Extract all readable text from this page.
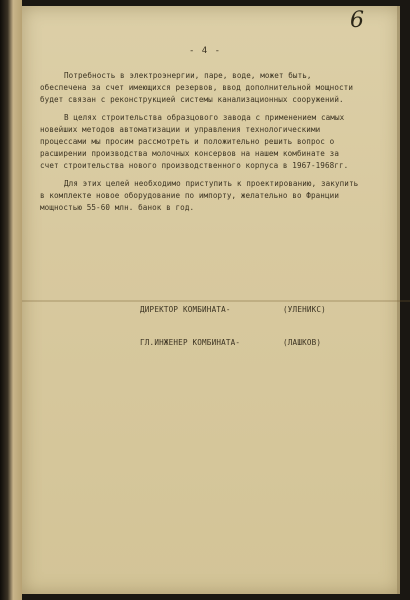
6
- 4 -

Потребность в электроэнергии, паре, воде, может быть, обеспечена за счет имеющихся резервов, ввод дополнительной мощности будет связан с реконструкцией системы канализационных сооружений.

В целях строительства образцового завода с применением самых новейших методов автоматизации и управления технологическими процессами мы просим рассмотреть и положительно решить вопрос о расширении производства молочных консервов на нашем комбинате за счет строительства нового производственного корпуса в 1967-1968гг.

Для этих целей необходимо приступить к проектированию, закупить в комплекте новое оборудование по импорту, желательно во Франции мощностью 55-60 млн. банок в год.

ДИРЕКТОР КОМБИНАТА-	(УЛЕНИКС)
ГЛ.ИНЖЕНЕР КОМБИНАТА-	(ЛАШКОВ)
